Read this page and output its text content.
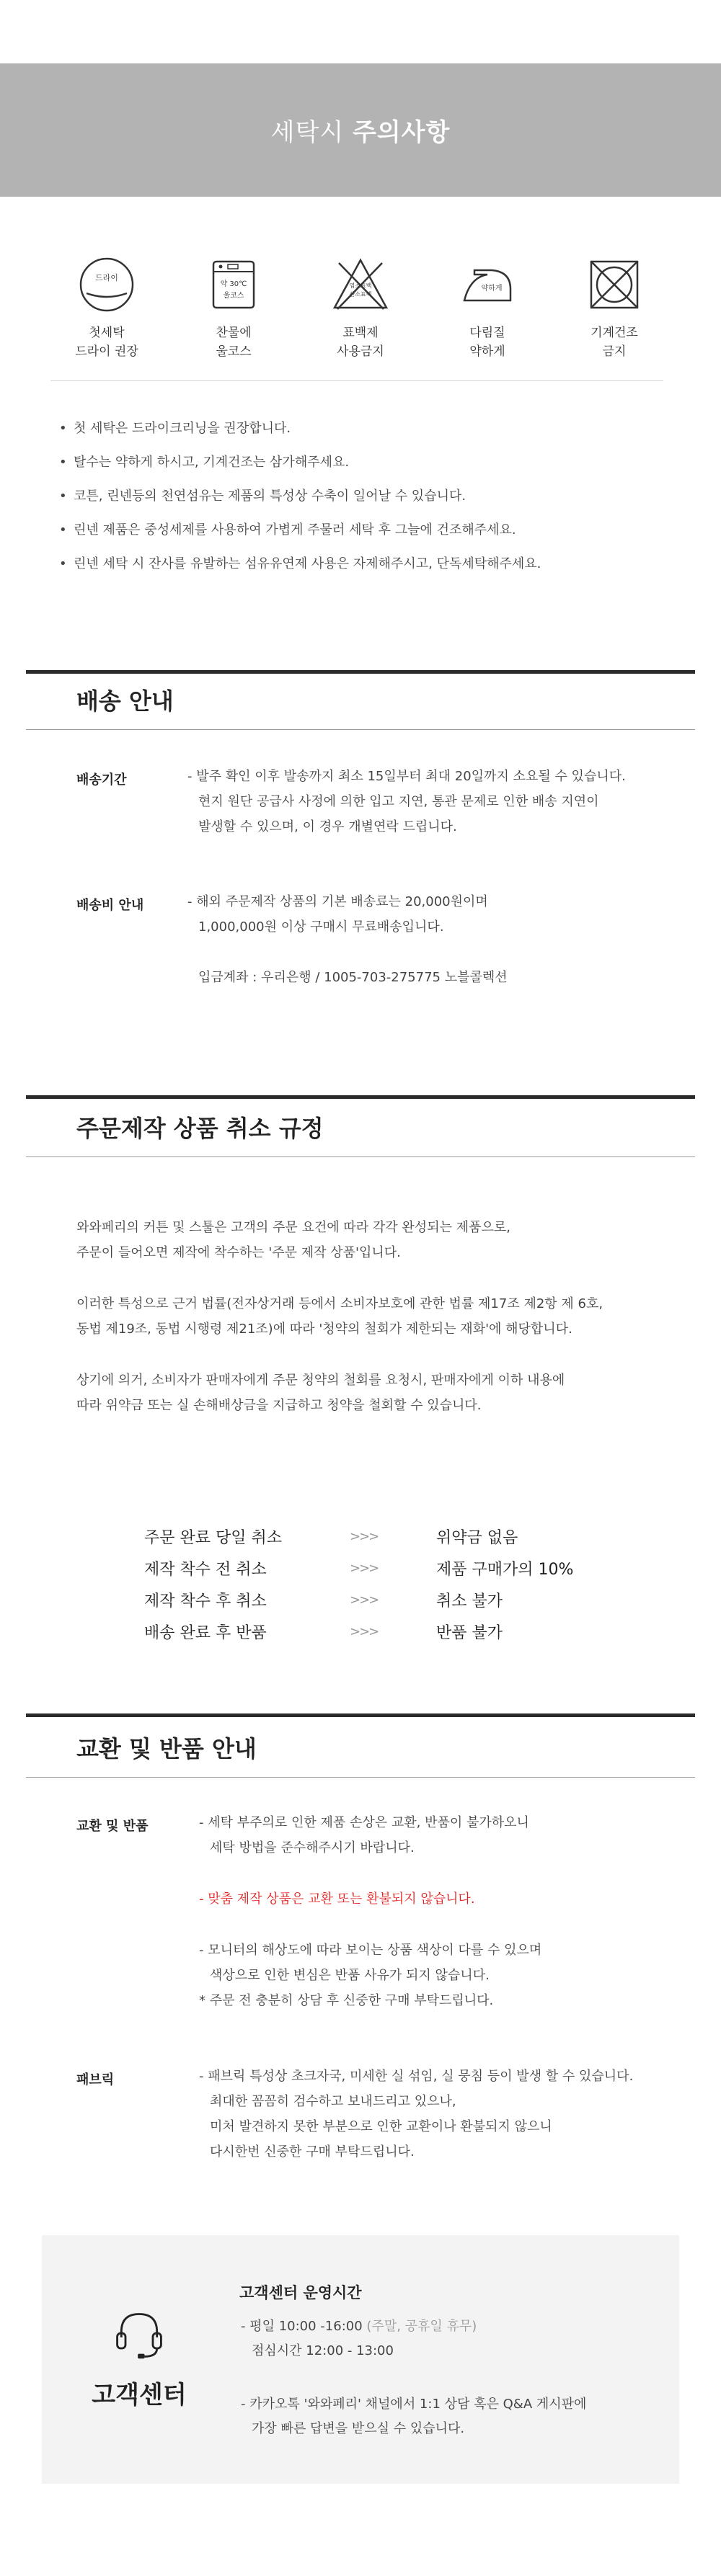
세탁시 주의사항
드라이
첫세탁
드라이 권장
약 30℃
울코스
찬물에
울코스
염소표백
산소표백
표백제
사용금지
약하게
다림질
약하게
기계건조
금지
• 첫 세탁은 드라이크리닝을 권장합니다.
• 탈수는 약하게 하시고, 기계건조는 삼가해주세요.
• 코튼, 린넨등의 천연섬유는 제품의 특성상 수축이 일어날 수 있습니다.
• 린넨 제품은 중성세제를 사용하여 가볍게 주물러 세탁 후 그늘에 건조해주세요.
• 린넨 세탁 시 잔사를 유발하는 섬유유연제 사용은 자제해주시고, 단독세탁해주세요.
배송 안내
배송기간	- 발주 확인 이후 발송까지 최소 15일부터 최대 20일까지 소요될 수 있습니다.
현지 원단 공급사 사정에 의한 입고 지연, 통관 문제로 인한 배송 지연이
발생할 수 있으며, 이 경우 개별연락 드립니다.
배송비 안내	- 해외 주문제작 상품의 기본 배송료는 20,000원이며
1,000,000원 이상 구매시 무료배송입니다.
입금계좌 : 우리은행 / 1005-703-275775 노블콜렉션
주문제작 상품 취소 규정
와와페리의 커튼 및 스툴은 고객의 주문 요건에 따라 각각 완성되는 제품으로,
주문이 들어오면 제작에 착수하는 '주문 제작 상품'입니다.
이러한 특성으로 근거 법률(전자상거래 등에서 소비자보호에 관한 법률 제17조 제2항 제 6호,
동법 제19조, 동법 시행령 제21조)에 따라 '청약의 철회가 제한되는 재화'에 해당합니다.
상기에 의거, 소비자가 판매자에게 주문 청약의 철회를 요청시, 판매자에게 이하 내용에
따라 위약금 또는 실 손해배상금을 지급하고 청약을 철회할 수 있습니다.
주문 완료 당일 취소	>>>	위약금 없음
제작 착수 전 취소	>>>	제품 구매가의 10%
제작 착수 후 취소	>>>	취소 불가
배송 완료 후 반품	>>>	반품 불가
교환 및 반품 안내
교환 및 반품	- 세탁 부주의로 인한 제품 손상은 교환, 반품이 불가하오니
세탁 방법을 준수해주시기 바랍니다.
- 맞춤 제작 상품은 교환 또는 환불되지 않습니다.
- 모니터의 해상도에 따라 보이는 상품 색상이 다를 수 있으며
색상으로 인한 변심은 반품 사유가 되지 않습니다.
* 주문 전 충분히 상담 후 신중한 구매 부탁드립니다.
패브릭	- 패브릭 특성상 초크자국, 미세한 실 섞임, 실 뭉침 등이 발생 할 수 있습니다.
최대한 꼼꼼히 검수하고 보내드리고 있으나,
미처 발견하지 못한 부분으로 인한 교환이나 환불되지 않으니
다시한번 신중한 구매 부탁드립니다.
고객센터
고객센터 운영시간
- 평일 10:00 -16:00 (주말, 공휴일 휴무)
점심시간 12:00 - 13:00
- 카카오톡 '와와페리' 채널에서 1:1 상담 혹은 Q&A 게시판에
가장 빠른 답변을 받으실 수 있습니다.
